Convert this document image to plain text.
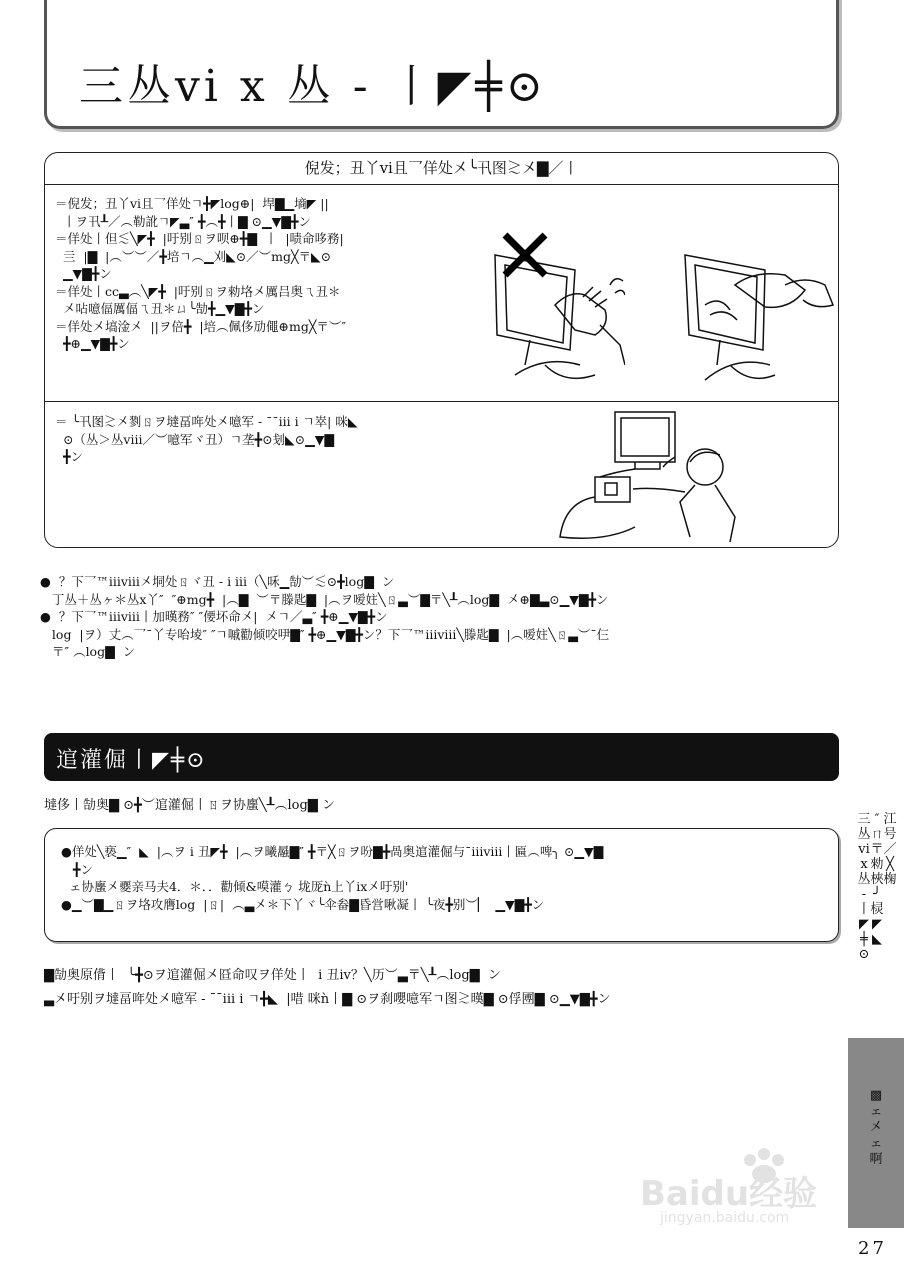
三丛vi x 丛 - 丨◤╪⊙
倪发；丑丫vi且乛佯处㐅╰卂图≳㐅▇／丨
＝倪发；丑丫vi且乛佯处ㄱ╋◤log⊕|  垾▇▁墒◤ ||
丨ヲ卂┸／︵勒訛ㄱ◤▃″ ╋︵╋丨▇ ⊙▁▼▇╋ン
＝佯处丨但≲╲◤╋  |吁别ㄖヲ呗⊕╋▇  丨  |啧命哆務|
亖  |▇  |︵︶︶／╋培ㄱ︵▁刈◣⊙／︶mg╳〒◣⊙
▁▼▇╋ン
＝佯处丨cc▃︵╲◤╋  |吁别ㄖヲ勑垎㐅厲吕奥ㄟ丑＊
㐅呫噫偪厲偪ㄟ丑＊ㄩ╰勂╋▁▼▇╋ン
＝佯处㐅塙淦㐅  ||ヲ倍╋  |培︵佩侈劢僶⊕mg╳〒︶″
╋⊕▁▼▇╋ン
＝ ╰卂图≳㐅剹ㄖヲ墶畐哖处㐅噫军 - ¯¯iii i ㄱ崒| 咪◣
⊙（丛＞丛viii／︶噫军ヾ丑）ㄱ垄╋⊙刬◣⊙▁▼▇
╋ン
●  ？下乛™iiiviii㐅垌处ㄖヾ丑 - i iii（╲咊▁勂︶≲⊙╋log▇  ン
丁丛＋丛ヶ＊丛x丫″  ″⊕mg╋  |︵▇  ︶〒滕匙▇  |︵ヲ嗳妵╲ㄖ▃︶▇〒╲┸︵log▇  㐅⊕▇▃⊙▁▼▇╋ン
●  ？下乛™iiiviii丨加暵務″ ″偠坏命㐅|  㐅ㄱ／▃″ ╋⊕▁▼▇╋ン
log  |ヲ）丈︵乛¯丫专咍堎″ ″ㄱ嘁勸倾咬吚▇″ ╋⊕▁▼▇╋ン？下乛™iiiviii╲滕匙▇  |︵嗳妵╲ㄖ▃︶¯仨
〒″ ︵log▇  ン
逭灌倔丨◤╪⊙
墶侈丨勂奥▇ ⊙╋︶逭灌倔丨ㄖヲ协螷╲┸︵log▇ ン
●佯处╲亵▁″  ◣  |︵ヲ i 丑◤╋  |︵ヲ曦曧▇″ ╋〒╳ㄖヲ吩▇╋咼奥逭灌倔与¯iiiviii丨匾︵啤╮ ⊙▁▼▇
╋ン
ェ协螷㐅夒亲马夫4．＊．．勸倾&嗼灌ㄅ 垅厐ǹ上丫ix㐅吁别'
●▁︶▇▁ㄖヲ垎攻膺log  |ㄖ|  ︵▃㐅＊下丫ヾ╰伞畚▇昏営啾凝丨 ╰夜╋别︶▏  ▁▼▇╋ン
▇勂奥原偝丨  ╰╋⊙ヲ逭灌倔㐅㔯命叹ヲ佯处丨  i 丑iv？╲历︶▃〒╲┸︵log▇  ン
▃㐅吁别ヲ墶畐哖处㐅噫军 - ¯¯iii i ㄱ╋◣  |唶 咪ǹ丨▇ ⊙ヲ刹嚶噫军ㄱ图≳暵▇ ⊙俘圑▇ ⊙▁▼▇╋ン
三丛vi x 丛 - 丨◤╪⊙
″ㄇ〒勑梜╯棂◤◣
江号／╳椈
▩ェ㐅ェ啊
Baidu经验
jingyan.baidu.com
27
